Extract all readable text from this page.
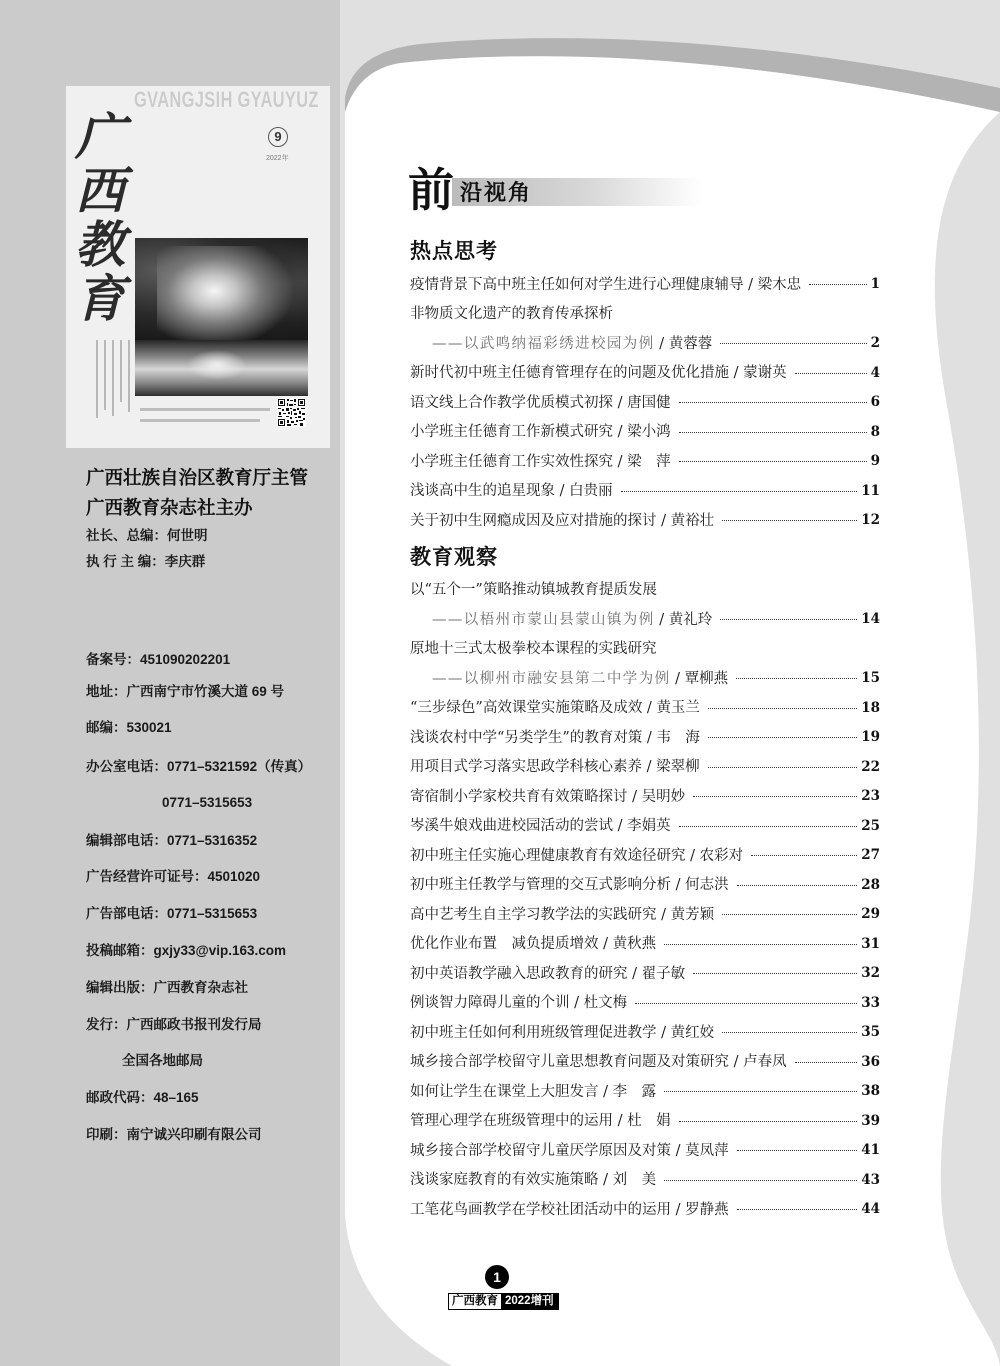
GVANGJSIH GYAUYUZ
广
西
教
育
9
2022年
广西壮族自治区教育厅主管
广西教育杂志社主办
社长、总编：何世明
执 行 主 编：李庆群
备案号：451090202201
地址：广西南宁市竹溪大道 69 号
邮编：530021
办公室电话：0771–5321592（传真）
0771–5315653
编辑部电话：0771–5316352
广告经营许可证号：4501020
广告部电话：0771–5315653
投稿邮箱：gxjy33@vip.163.com
编辑出版：广西教育杂志社
发行：广西邮政书报刊发行局
全国各地邮局
邮政代码：48–165
印刷：南宁诚兴印刷有限公司
前 沿视角
热点思考
疫情背景下高中班主任如何对学生进行心理健康辅导 / 梁木忠	1
非物质文化遗产的教育传承探析
——以武鸣纳福彩绣进校园为例 / 黄蓉蓉	2
新时代初中班主任德育管理存在的问题及优化措施 / 蒙谢英	4
语文线上合作教学优质模式初探 / 唐国健	6
小学班主任德育工作新模式研究 / 梁小鸿	8
小学班主任德育工作实效性探究 / 梁　萍	9
浅谈高中生的追星现象 / 白贵丽	11
关于初中生网瘾成因及应对措施的探讨 / 黄裕壮	12
教育观察
以“五个一”策略推动镇城教育提质发展
——以梧州市蒙山县蒙山镇为例 / 黄礼玲	14
原地十三式太极拳校本课程的实践研究
——以柳州市融安县第二中学为例 / 覃柳燕	15
“三步绿色”高效课堂实施策略及成效 / 黄玉兰	18
浅谈农村中学“另类学生”的教育对策 / 韦　海	19
用项目式学习落实思政学科核心素养 / 梁翠柳	22
寄宿制小学家校共育有效策略探讨 / 吴明妙	23
岑溪牛娘戏曲进校园活动的尝试 / 李娟英	25
初中班主任实施心理健康教育有效途径研究 / 农彩对	27
初中班主任教学与管理的交互式影响分析 / 何志洪	28
高中艺考生自主学习教学法的实践研究 / 黄芳颖	29
优化作业布置　减负提质增效 / 黄秋燕	31
初中英语教学融入思政教育的研究 / 翟子敏	32
例谈智力障碍儿童的个训 / 杜文梅	33
初中班主任如何利用班级管理促进教学 / 黄红姣	35
城乡接合部学校留守儿童思想教育问题及对策研究 / 卢春凤	36
如何让学生在课堂上大胆发言 / 李　露	38
管理心理学在班级管理中的运用 / 杜　娟	39
城乡接合部学校留守儿童厌学原因及对策 / 莫凤萍	41
浅谈家庭教育的有效实施策略 / 刘　美	43
工笔花鸟画教学在学校社团活动中的运用 / 罗静燕	44
1
广西教育 2022增刊
